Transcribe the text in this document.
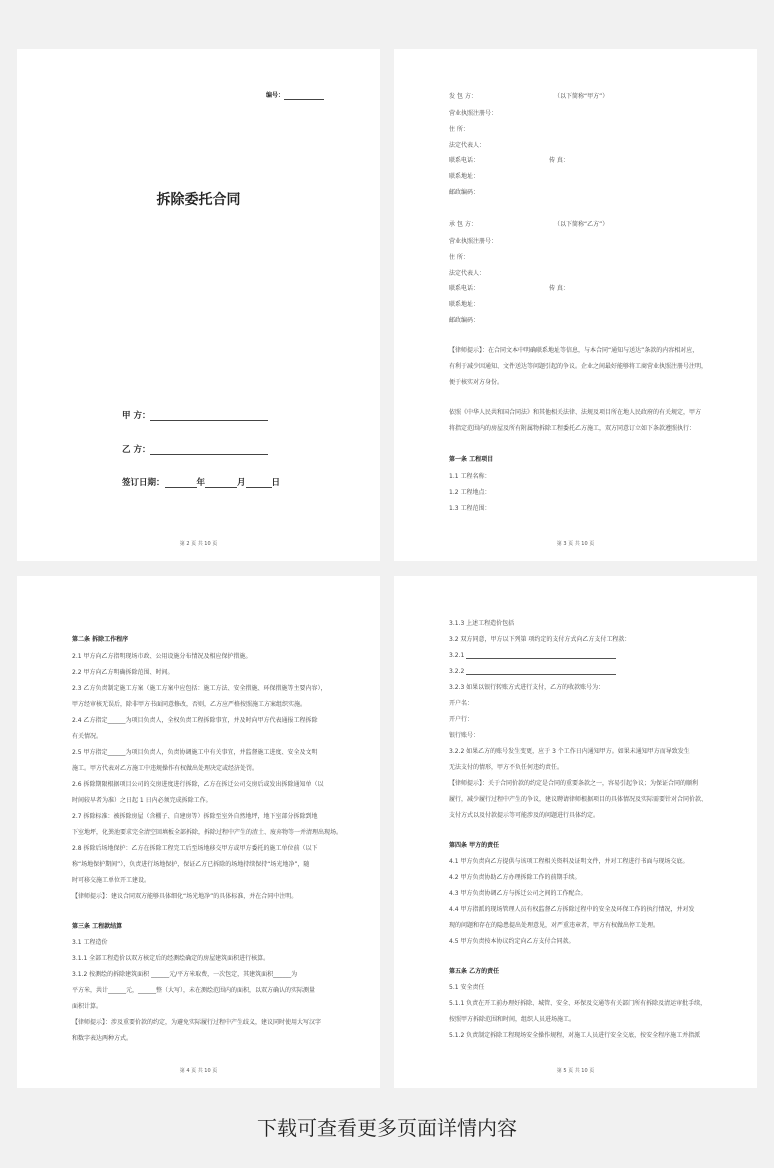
编号：
拆除委托合同
甲 方：
乙 方：
签订日期：	年	月	日
第 2 页 共 10 页
发 包 方：	（以下简称“甲方”）
营业执照注册号：
住 所：
法定代表人：
联系电话：	传 真：
联系地址：
邮政编码：
承 包 方：	（以下简称“乙方”）
营业执照注册号：
住 所：
法定代表人：
联系电话：	传 真：
联系地址：
邮政编码：
【律师提示】：在合同文本中明确联系地址等信息，与本合同“通知与送达”条款的内容相对应，
有利于减少因通知、文件送达等问题引起的争议。企业之间最好能够将工商营业执照注册号注明，
便于核实对方身份。
依照《中华人民共和国合同法》和其他相关法律、法规及项目所在地人民政府的有关规定，甲方
将指定范围内的房屋及所有附属物拆除工程委托乙方施工，双方同意订立如下条款遵照执行：
第一条 工程项目
1.1 工程名称：
1.2 工程地点：
1.3 工程范围：
第 3 页 共 10 页
第二条 拆除工作程序
2.1 甲方向乙方指明现场市政、公用设施分布情况及相应保护措施。
2.2 甲方向乙方明确拆除范围、时间。
2.3 乙方负责制定施工方案（施工方案中应包括：施工方法、安全措施、环保措施等主要内容），
甲方经审核无误后，除非甲方书面同意修改，否则，乙方应严格按照施工方案组织实施。
2.4 乙方指定______为项目负责人，全权负责工程拆除事宜，并及时向甲方代表通报工程拆除
有关情况。
2.5 甲方指定______为项目负责人，负责协调施工中有关事宜，并监督施工进度、安全及文明
施工。甲方代表对乙方施工中违规操作有权做出处理决定或经济处罚。
2.6 拆除期限根据项目公司的交房进度进行拆除，乙方在拆迁公司交房后或发出拆除通知单（以
时间较早者为准）之日起 1 日内必须完成拆除工作。
2.7 拆除标准：被拆除房屋（含棚子、自建房等）拆除至室外自然地坪，地下室部分拆除到地
下室地坪，化粪池要求完全清空回填板全部拆除，拆除过程中产生的渣土、废弃物等一并清理出现场。
2.8 拆除后场地保护：乙方在拆除工程完工后至场地移交甲方或甲方委托的施工单位前（以下
称“场地保护期间”），负责进行场地保护，保证乙方已拆除的场地持续保持“场光地净”，随
时可移交施工单位开工建设。
【律师提示】：建议合同双方能够具体细化“场光地净”的具体标准，并在合同中注明。
第三条 工程款结算
3.1 工程造价
3.1.1 全部工程造价以双方核定后的经测绘确定的房屋建筑面积进行核算。
3.1.2 按测绘的拆除建筑面积 ______元/平方米取费，一次包定，其建筑面积______为
平方米，共计______元，______整（大写），未在测绘范围内的面积，以双方确认的实际测量
面积计算。
【律师提示】：涉及重要价款的约定，为避免实际履行过程中产生歧义，建议同时使用大写汉字
和数字表达两种方式。
第 4 页 共 10 页
3.1.3 上述工程造价包括
3.2 双方同意，甲方以下列第 项约定的支付方式向乙方支付工程款：
3.2.1
3.2.2
3.2.3 如果以银行转账方式进行支付，乙方的收款账号为：
开户名：
开户行：
银行账号：
3.2.2 如果乙方的账号发生变更，应于 3 个工作日内通知甲方。如果未通知甲方而导致发生
无法支付的情形，甲方不负任何违约责任。
【律师提示】：关于合同价款的约定是合同的重要条款之一，容易引起争议；为保证合同的顺利
履行，减少履行过程中产生的争议，建议聘请律师根据项目的具体情况及实际需要针对合同价款、
支付方式以及付款提示等可能涉及的问题进行具体约定。
第四条 甲方的责任
4.1 甲方负责向乙方提供与该项工程相关资料及证明文件，并对工程进行书面与现场交底。
4.2 甲方负责协助乙方办理拆除工作的前期手续。
4.3 甲方负责协调乙方与拆迁公司之间的工作配合。
4.4 甲方指派的现场管理人员有权监督乙方拆除过程中的安全及环保工作的执行情况，并对发
现的问题和存在的隐患提出处理意见，对严重违章者，甲方有权做出停工处理。
4.5 甲方负责按本协议约定向乙方支付合同款。
第五条 乙方的责任
5.1 安全责任
5.1.1 负责在开工前办理好拆除、城管、安全、环保及交通等有关部门所有拆除及清运审批手续，
按照甲方拆除范围和时间，组织人员进场施工。
5.1.2 负责制定拆除工程现场安全操作规程，对施工人员进行安全交底，按安全程序施工并指派
第 5 页 共 10 页
下载可查看更多页面详情内容
